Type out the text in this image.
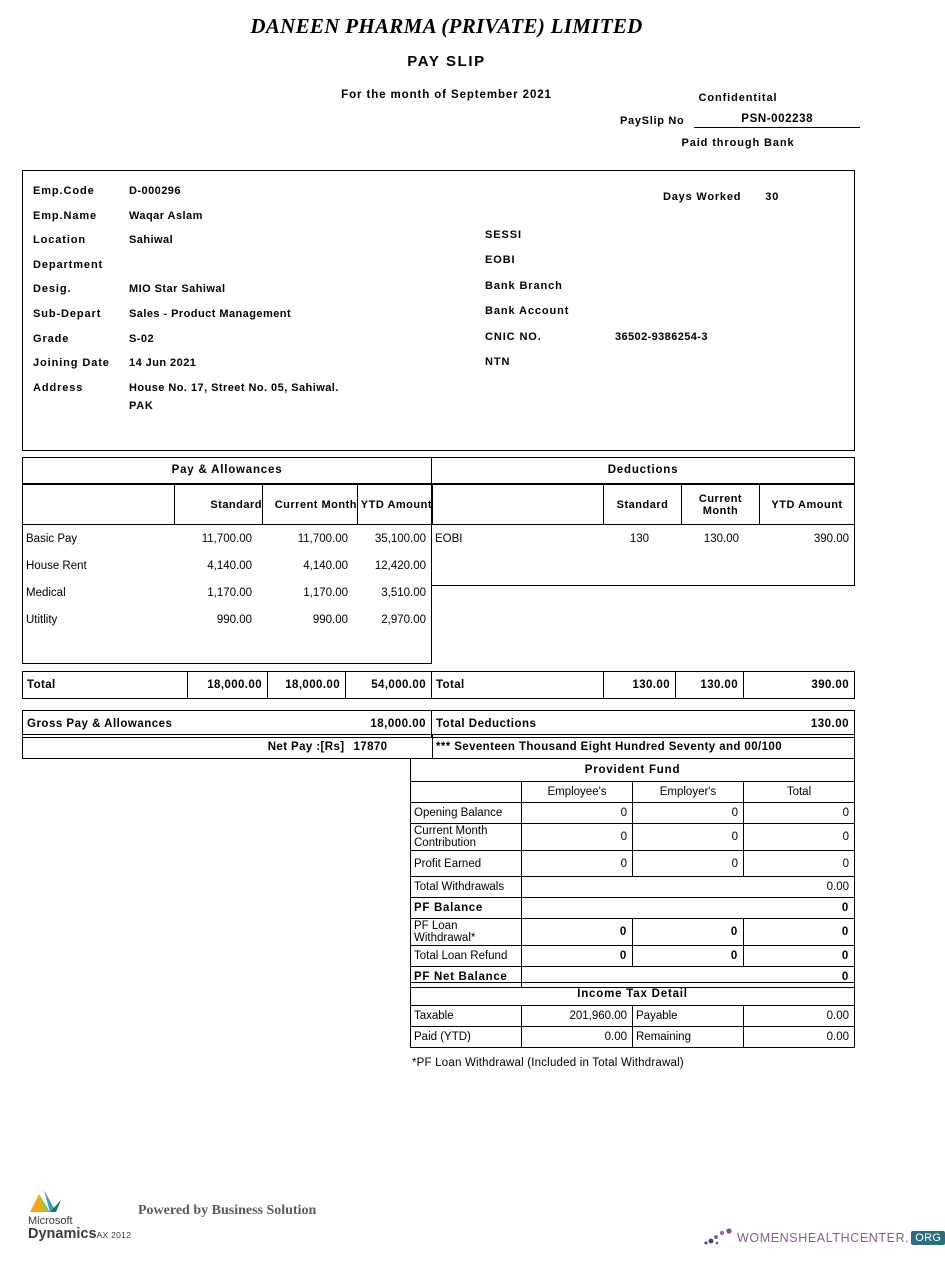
DANEEN PHARMA (PRIVATE) LIMITED
PAY SLIP
For the month of September 2021	Confidentital
PaySlip No	PSN-002238
Paid through Bank
Emp.Code	D-000296
Emp.Name	Waqar Aslam
Location	Sahiwal
Department
Desig.	MIO Star Sahiwal
Sub-Depart	Sales - Product Management
Grade	S-02
Joining Date	14 Jun 2021
Address	House No. 17, Street No. 05, Sahiwal.
PAK
Days Worked 30
SESSI
EOBI
Bank Branch
Bank Account
CNIC NO.	36502-9386254-3
NTN
Pay & Allowances
	Standard	Current Month	YTD Amount
Basic Pay	11,700.00	11,700.00	35,100.00
House Rent	4,140.00	4,140.00	12,420.00
Medical	1,170.00	1,170.00	3,510.00
Utitlity	990.00	990.00	2,970.00
Deductions
	Standard	Current Month	YTD Amount
EOBI	130	130.00	390.00
Total	18,000.00	18,000.00	54,000.00 Total	130.00	130.00	390.00
Gross Pay & Allowances	18,000.00 Total Deductions	130.00
Net Pay :[Rs]	17870	*** Seventeen Thousand Eight Hundred Seventy and 00/100
Provident Fund			
	Employee's	Employer's	Total
Opening Balance	0	0	0
Current Month Contribution	0	0	0
Profit Earned	0	0	0
Total Withdrawals	0.00		
PF Balance	0		
PF Loan Withdrawal*	0	0	0
Total Loan Refund	0	0	0
PF Net Balance	0		
Income Tax Detail			
Taxable	201,960.00	Payable	0.00
Paid (YTD)	0.00	Remaining	0.00
*PF Loan Withdrawal (Included in Total Withdrawal)
Microsoft
DynamicsAX 2012
Powered by Business Solution
WOMENSHEALTHCENTER. ORG
